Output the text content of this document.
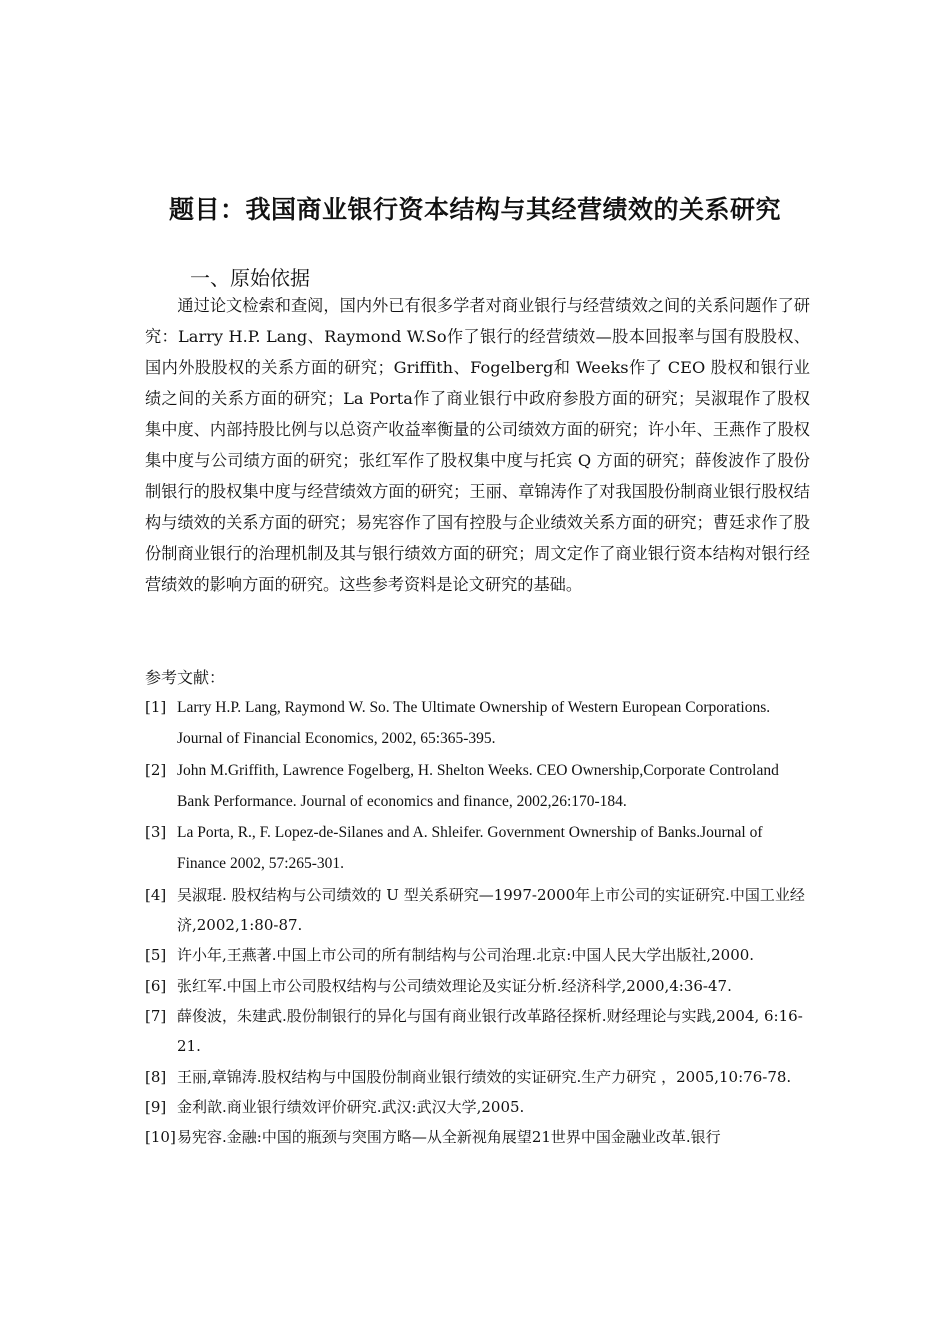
题目：我国商业银行资本结构与其经营绩效的关系研究
一、原始依据

通过论文检索和查阅，国内外已有很多学者对商业银行与经营绩效之间的关系问题作了研究：Larry H.P. Lang、Raymond W.So作了银行的经营绩效—股本回报率与国有股股权、国内外股股权的关系方面的研究；Griffith、Fogelberg和 Weeks作了 CEO 股权和银行业绩之间的关系方面的研究；La Porta作了商业银行中政府参股方面的研究；吴淑琨作了股权集中度、内部持股比例与以总资产收益率衡量的公司绩效方面的研究；许小年、王燕作了股权集中度与公司绩方面的研究；张红军作了股权集中度与托宾 Q 方面的研究；薛俊波作了股份制银行的股权集中度与经营绩效方面的研究；王丽、章锦涛作了对我国股份制商业银行股权结构与绩效的关系方面的研究；易宪容作了国有控股与企业绩效关系方面的研究；曹廷求作了股份制商业银行的治理机制及其与银行绩效方面的研究；周文定作了商业银行资本结构对银行经营绩效的影响方面的研究。这些参考资料是论文研究的基础。

参考文献：
[1] Larry H.P. Lang, Raymond W. So. The Ultimate Ownership of Western European Corporations. Journal of Financial Economics, 2002, 65:365-395.
[2] John M.Griffith, Lawrence Fogelberg, H. Shelton Weeks. CEO Ownership,Corporate Controland Bank Performance. Journal of economics and finance, 2002,26:170-184.
[3] La Porta, R., F. Lopez-de-Silanes and A. Shleifer. Government Ownership of Banks.Journal of Finance 2002, 57:265-301.
[4] 吴淑琨. 股权结构与公司绩效的 U 型关系研究—1997-2000年上市公司的实证研究.中国工业经济,2002,1:80-87.
[5] 许小年,王燕著.中国上市公司的所有制结构与公司治理.北京:中国人民大学出版社,2000.
[6] 张红军.中国上市公司股权结构与公司绩效理论及实证分析.经济科学,2000,4:36-47.
[7] 薛俊波，朱建武.股份制银行的异化与国有商业银行改革路径探析.财经理论与实践,2004, 6:16-21.
[8] 王丽,章锦涛.股权结构与中国股份制商业银行绩效的实证研究.生产力研究 ，2005,10:76-78.
[9] 金利歆.商业银行绩效评价研究.武汉:武汉大学,2005.
[10] 易宪容.金融:中国的瓶颈与突围方略—从全新视角展望21世界中国金融业改革.银行
